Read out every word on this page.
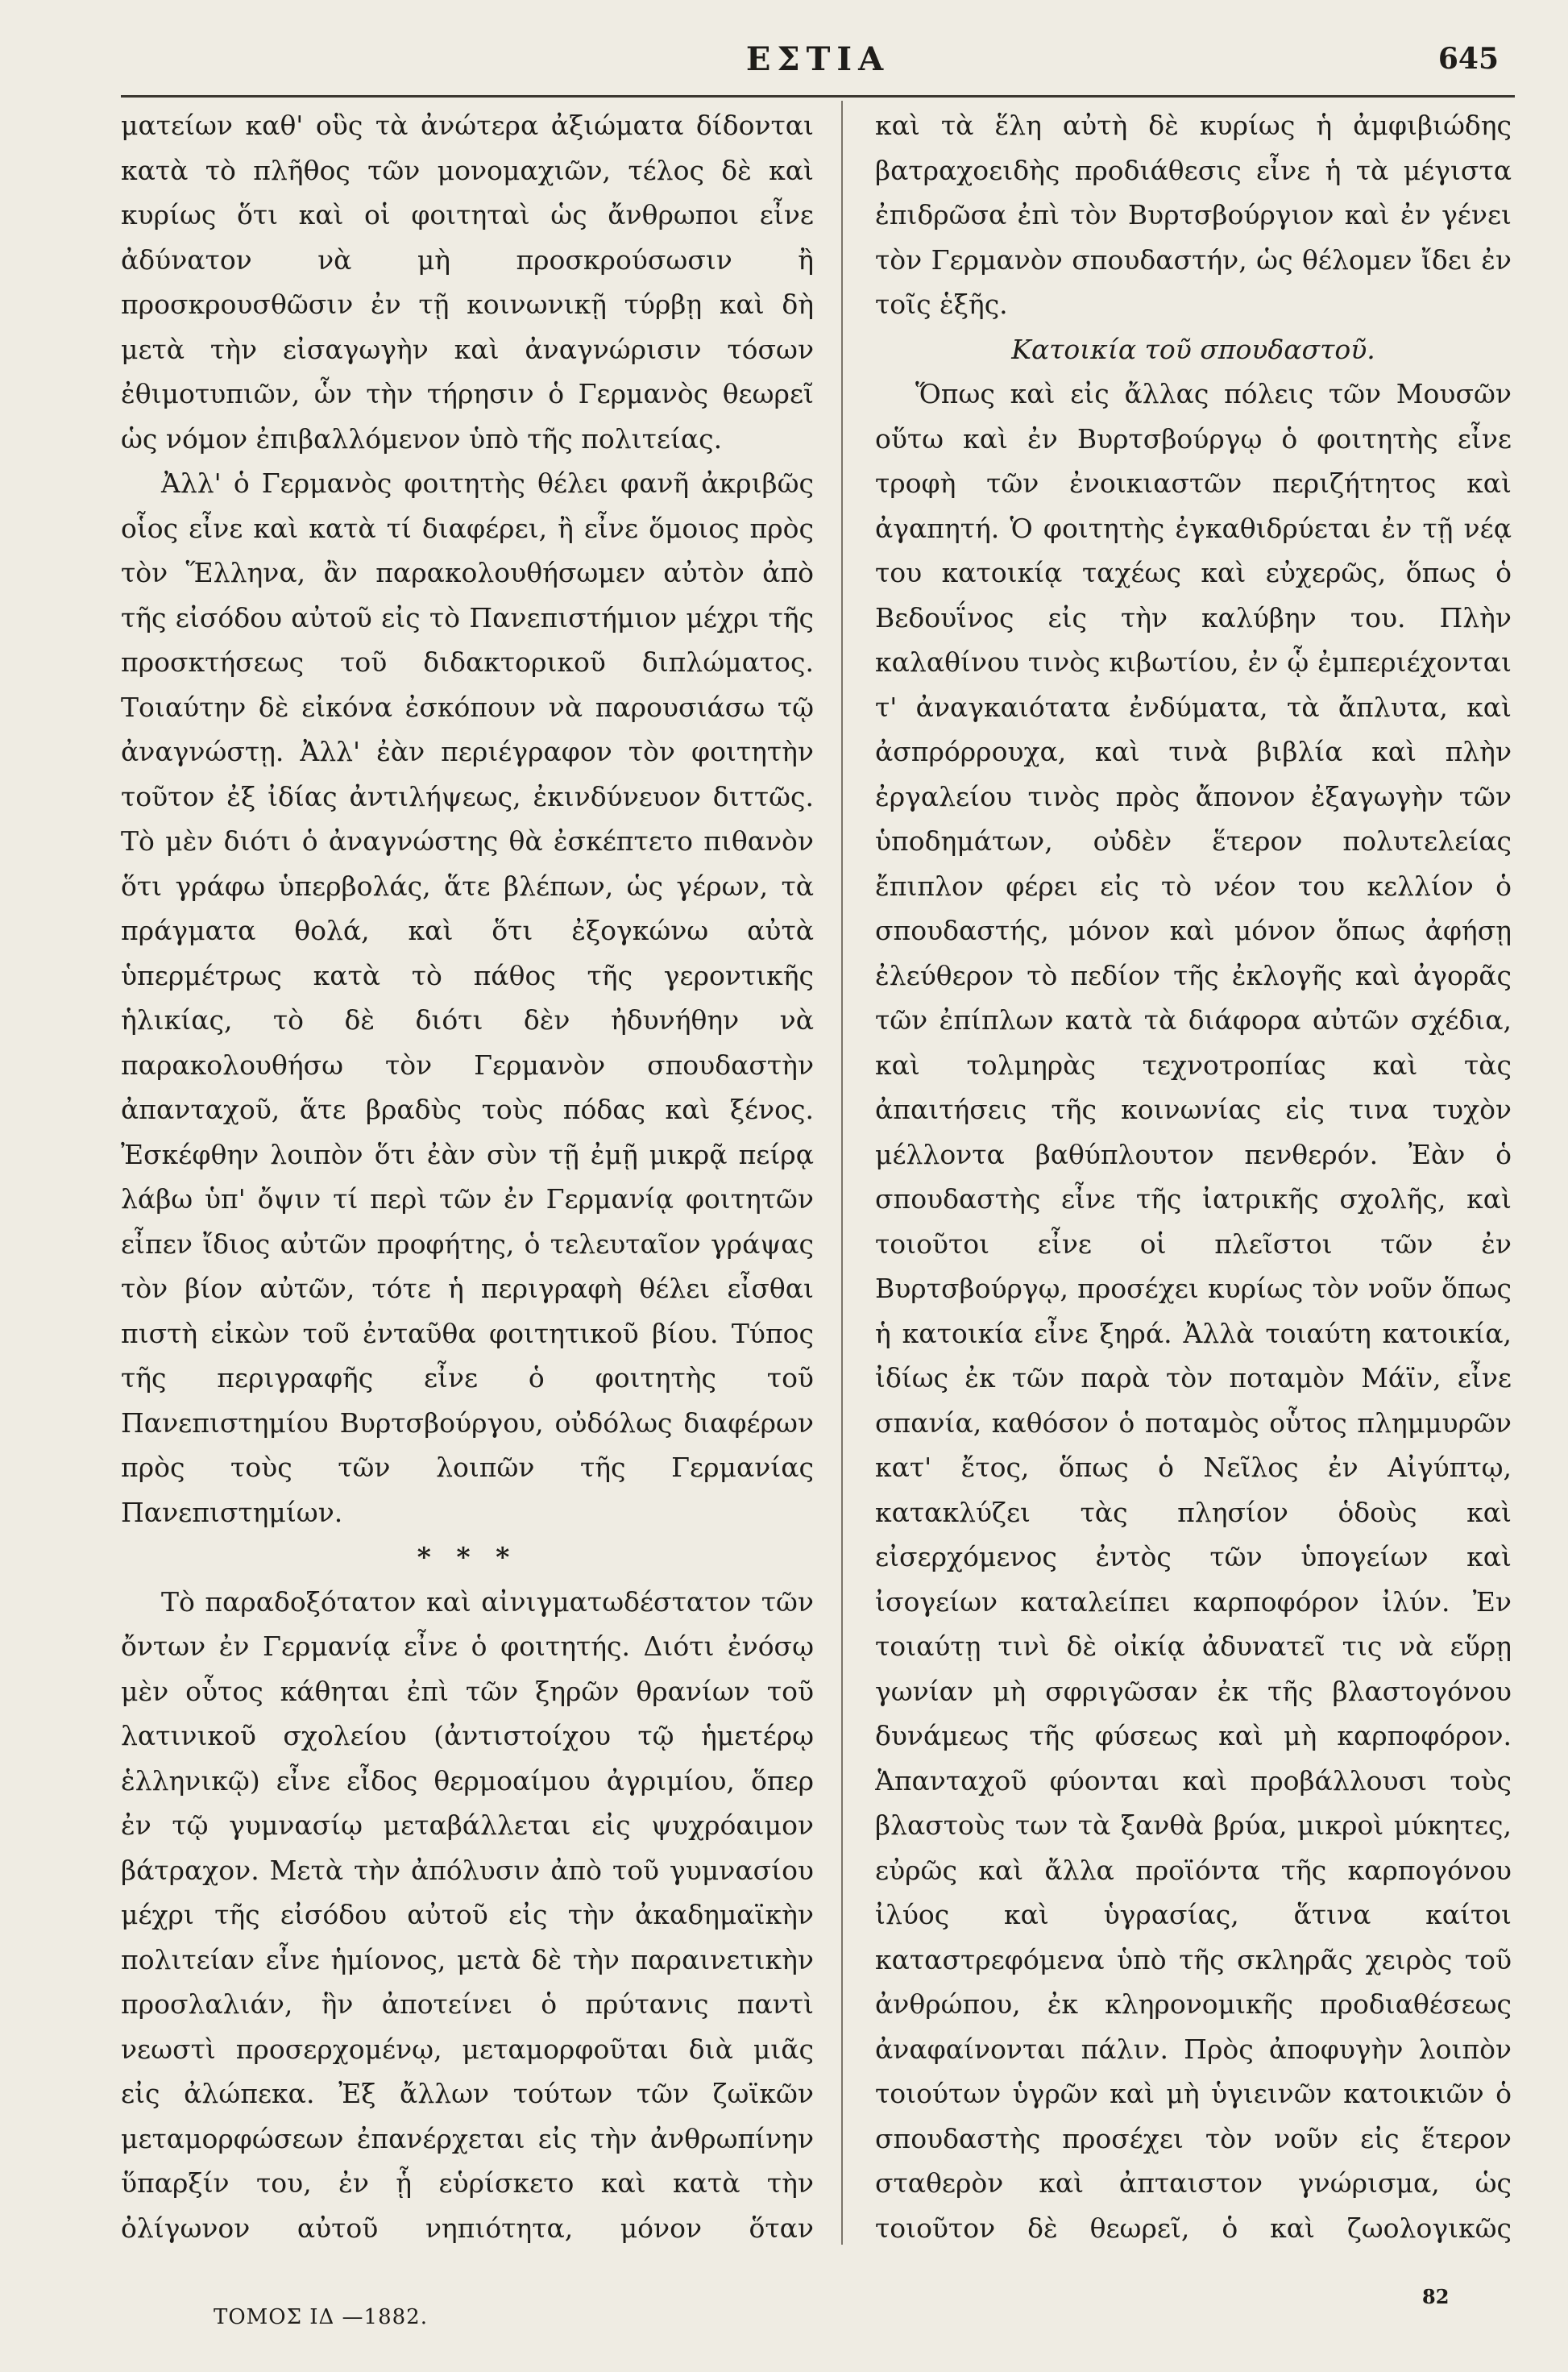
ΕΣΤΙΑ	645

ματείων καθ' οὓς τὰ ἀνώτερα ἀξιώματα δίδονται κατὰ τὸ πλῆθος τῶν μονομαχιῶν, τέλος δὲ καὶ κυρίως ὅτι καὶ οἱ φοιτηταὶ ὡς ἄνθρωποι εἶνε ἀδύνατον νὰ μὴ προσκρούσωσιν ἢ προσκρουσθῶσιν ἐν τῇ κοινωνικῇ τύρβῃ καὶ δὴ μετὰ τὴν εἰσαγωγὴν καὶ ἀναγνώρισιν τόσων ἐθιμοτυπιῶν, ὧν τὴν τήρησιν ὁ Γερμανὸς θεωρεῖ ὡς νόμον ἐπιβαλλόμενον ὑπὸ τῆς πολιτείας.

Ἀλλ' ὁ Γερμανὸς φοιτητὴς θέλει φανῆ ἀκριβῶς οἷος εἶνε καὶ κατὰ τί διαφέρει, ἢ εἶνε ὅμοιος πρὸς τὸν Ἕλληνα, ἂν παρακολουθήσωμεν αὐτὸν ἀπὸ τῆς εἰσόδου αὐτοῦ εἰς τὸ Πανεπιστήμιον μέχρι τῆς προσκτήσεως τοῦ διδακτορικοῦ διπλώματος. Τοιαύτην δὲ εἰκόνα ἐσκόπουν νὰ παρουσιάσω τῷ ἀναγνώστῃ. Ἀλλ' ἐὰν περιέγραφον τὸν φοιτητὴν τοῦτον ἐξ ἰδίας ἀντιλήψεως, ἐκινδύνευον διττῶς. Τὸ μὲν διότι ὁ ἀναγνώστης θὰ ἐσκέπτετο πιθανὸν ὅτι γράφω ὑπερβολάς, ἅτε βλέπων, ὡς γέρων, τὰ πράγματα θολά, καὶ ὅτι ἐξογκώνω αὐτὰ ὑπερμέτρως κατὰ τὸ πάθος τῆς γεροντικῆς ἡλικίας, τὸ δὲ διότι δὲν ἠδυνήθην νὰ παρακολουθήσω τὸν Γερμανὸν σπουδαστὴν ἀπανταχοῦ, ἅτε βραδὺς τοὺς πόδας καὶ ξένος. Ἐσκέφθην λοιπὸν ὅτι ἐὰν σὺν τῇ ἐμῇ μικρᾷ πείρᾳ λάβω ὑπ' ὄψιν τί περὶ τῶν ἐν Γερμανίᾳ φοιτητῶν εἶπεν ἴδιος αὐτῶν προφήτης, ὁ τελευταῖον γράψας τὸν βίον αὐτῶν, τότε ἡ περιγραφὴ θέλει εἶσθαι πιστὴ εἰκὼν τοῦ ἐνταῦθα φοιτητικοῦ βίου. Τύπος τῆς περιγραφῆς εἶνε ὁ φοιτητὴς τοῦ Πανεπιστημίου Βυρτσβούργου, οὐδόλως διαφέρων πρὸς τοὺς τῶν λοιπῶν τῆς Γερμανίας Πανεπιστημίων.

* * *

Τὸ παραδοξότατον καὶ αἰνιγματωδέστατον τῶν ὄντων ἐν Γερμανίᾳ εἶνε ὁ φοιτητής. Διότι ἐνόσῳ μὲν οὗτος κάθηται ἐπὶ τῶν ξηρῶν θρανίων τοῦ λατινικοῦ σχολείου (ἀντιστοίχου τῷ ἡμετέρῳ ἑλληνικῷ) εἶνε εἶδος θερμοαίμου ἀγριμίου, ὅπερ ἐν τῷ γυμνασίῳ μεταβάλλεται εἰς ψυχρόαιμον βάτραχον. Μετὰ τὴν ἀπόλυσιν ἀπὸ τοῦ γυμνασίου μέχρι τῆς εἰσόδου αὐτοῦ εἰς τὴν ἀκαδημαϊκὴν πολιτείαν εἶνε ἡμίονος, μετὰ δὲ τὴν παραινετικὴν προσλαλιάν, ἣν ἀποτείνει ὁ πρύτανις παντὶ νεωστὶ προσερχομένῳ, μεταμορφοῦται διὰ μιᾶς εἰς ἀλώπεκα. Ἐξ ἄλλων τούτων τῶν ζωϊκῶν μεταμορφώσεων ἐπανέρχεται εἰς τὴν ἀνθρωπίνην ὕπαρξίν του, ἐν ᾗ εὑρίσκετο καὶ κατὰ τὴν ὀλίγωνον αὐτοῦ νηπιότητα, μόνον ὅταν

καὶ τὰ ἕλη αὐτὴ δὲ κυρίως ἡ ἀμφιβιώδης βατραχοειδὴς προδιάθεσις εἶνε ἡ τὰ μέγιστα ἐπιδρῶσα ἐπὶ τὸν Βυρτσβούργιον καὶ ἐν γένει τὸν Γερμανὸν σπουδαστήν, ὡς θέλομεν ἴδει ἐν τοῖς ἑξῆς.

Κατοικία τοῦ σπουδαστοῦ.

Ὅπως καὶ εἰς ἄλλας πόλεις τῶν Μουσῶν οὕτω καὶ ἐν Βυρτσβούργῳ ὁ φοιτητὴς εἶνε τροφὴ τῶν ἐνοικιαστῶν περιζήτητος καὶ ἀγαπητή. Ὁ φοιτητὴς ἐγκαθιδρύεται ἐν τῇ νέᾳ του κατοικίᾳ ταχέως καὶ εὐχερῶς, ὅπως ὁ Βεδουΐνος εἰς τὴν καλύβην του. Πλὴν καλαθίνου τινὸς κιβωτίου, ἐν ᾧ ἐμπεριέχονται τ' ἀναγκαιότατα ἐνδύματα, τὰ ἄπλυτα, καὶ ἀσπρόρρουχα, καὶ τινὰ βιβλία καὶ πλὴν ἐργαλείου τινὸς πρὸς ἄπονον ἐξαγωγὴν τῶν ὑποδημάτων, οὐδὲν ἕτερον πολυτελείας ἔπιπλον φέρει εἰς τὸ νέον του κελλίον ὁ σπουδαστής, μόνον καὶ μόνον ὅπως ἀφήσῃ ἐλεύθερον τὸ πεδίον τῆς ἐκλογῆς καὶ ἀγορᾶς τῶν ἐπίπλων κατὰ τὰ διάφορα αὐτῶν σχέδια, καὶ τολμηρὰς τεχνοτροπίας καὶ τὰς ἀπαιτήσεις τῆς κοινωνίας εἰς τινα τυχὸν μέλλοντα βαθύπλουτον πενθερόν. Ἐὰν ὁ σπουδαστὴς εἶνε τῆς ἰατρικῆς σχολῆς, καὶ τοιοῦτοι εἶνε οἱ πλεῖστοι τῶν ἐν Βυρτσβούργῳ, προσέχει κυρίως τὸν νοῦν ὅπως ἡ κατοικία εἶνε ξηρά. Ἀλλὰ τοιαύτη κατοικία, ἰδίως ἐκ τῶν παρὰ τὸν ποταμὸν Μάϊν, εἶνε σπανία, καθόσον ὁ ποταμὸς οὗτος πλημμυρῶν κατ' ἔτος, ὅπως ὁ Νεῖλος ἐν Αἰγύπτῳ, κατακλύζει τὰς πλησίον ὁδοὺς καὶ εἰσερχόμενος ἐντὸς τῶν ὑπογείων καὶ ἰσογείων καταλείπει καρποφόρον ἰλύν. Ἐν τοιαύτῃ τινὶ δὲ οἰκίᾳ ἀδυνατεῖ τις νὰ εὕρῃ γωνίαν μὴ σφριγῶσαν ἐκ τῆς βλαστογόνου δυνάμεως τῆς φύσεως καὶ μὴ καρποφόρον. Ἁπανταχοῦ φύονται καὶ προβάλλουσι τοὺς βλαστοὺς των τὰ ξανθὰ βρύα, μικροὶ μύκητες, εὐρῶς καὶ ἄλλα προϊόντα τῆς καρπογόνου ἰλύος καὶ ὑγρασίας, ἅτινα καίτοι καταστρεφόμενα ὑπὸ τῆς σκληρᾶς χειρὸς τοῦ ἀνθρώπου, ἐκ κληρονομικῆς προδιαθέσεως ἀναφαίνονται πάλιν. Πρὸς ἀποφυγὴν λοιπὸν τοιούτων ὑγρῶν καὶ μὴ ὑγιεινῶν κατοικιῶν ὁ σπουδαστὴς προσέχει τὸν νοῦν εἰς ἕτερον σταθερὸν καὶ ἀπταιστον γνώρισμα, ὡς τοιοῦτον δὲ θεωρεῖ, ὁ καὶ ζωολογικῶς

ΤΟΜΟΣ ΙΔ —1882.
82
